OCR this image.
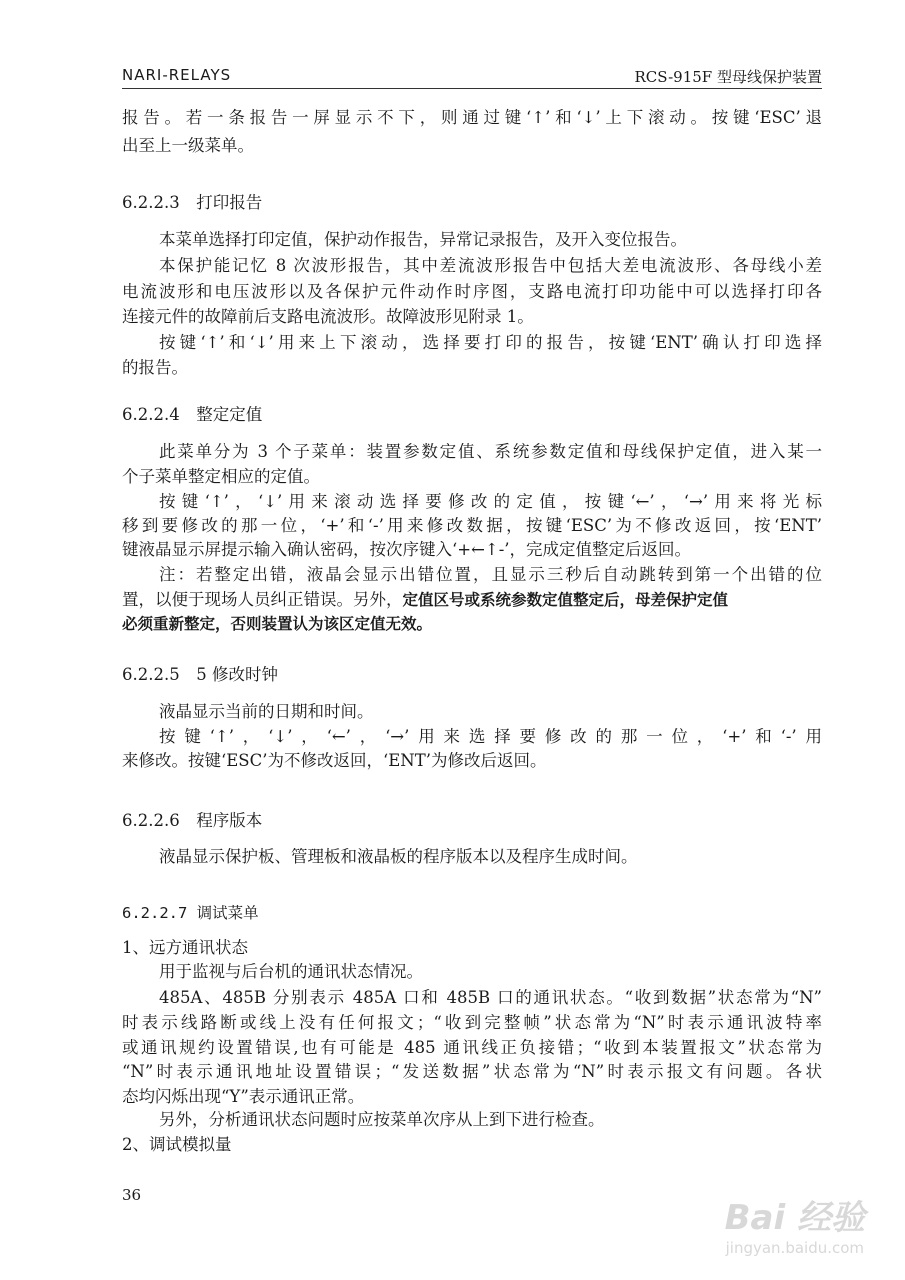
NARI-RELAYS	RCS-915F 型母线保护装置
报告。若一条报告一屏显示不下，则通过键‘↑’和‘↓’上下滚动。按键‘ESC’退
出至上一级菜单。
6.2.2.3　打印报告
本菜单选择打印定值，保护动作报告，异常记录报告，及开入变位报告。
本保护能记忆 8 次波形报告，其中差流波形报告中包括大差电流波形、各母线小差
电流波形和电压波形以及各保护元件动作时序图，支路电流打印功能中可以选择打印各
连接元件的故障前后支路电流波形。故障波形见附录 1。
按键‘↑’和‘↓’用来上下滚动，选择要打印的报告，按键‘ENT’确认打印选择
的报告。
6.2.2.4　整定定值
此菜单分为 3 个子菜单：装置参数定值、系统参数定值和母线保护定值，进入某一
个子菜单整定相应的定值。
按键‘↑’，‘↓’用来滚动选择要修改的定值，按键‘←’，‘→’用来将光标
移到要修改的那一位，‘+’和‘-’用来修改数据，按键‘ESC’为不修改返回，按‘ENT’
键液晶显示屏提示输入确认密码，按次序键入‘+←↑-’，完成定值整定后返回。
注：若整定出错，液晶会显示出错位置，且显示三秒后自动跳转到第一个出错的位
置，以便于现场人员纠正错误。另外，定值区号或系统参数定值整定后，母差保护定值
必须重新整定，否则装置认为该区定值无效。
6.2.2.5　5 修改时钟
液晶显示当前的日期和时间。
按键‘↑’，‘↓’，‘←’，‘→’用来选择要修改的那一位，‘+’和‘-’用
来修改。按键‘ESC’为不修改返回，‘ENT’为修改后返回。
6.2.2.6　程序版本
液晶显示保护板、管理板和液晶板的程序版本以及程序生成时间。
6.2.2.7 调试菜单
1、远方通讯状态
用于监视与后台机的通讯状态情况。
485A、485B 分别表示 485A 口和 485B 口的通讯状态。“收到数据”状态常为“N”
时表示线路断或线上没有任何报文；“收到完整帧”状态常为“N”时表示通讯波特率
或通讯规约设置错误,也有可能是 485 通讯线正负接错；“收到本装置报文”状态常为
“N”时表示通讯地址设置错误；“发送数据”状态常为“N”时表示报文有问题。各状
态均闪烁出现“Y”表示通讯正常。
另外，分析通讯状态问题时应按菜单次序从上到下进行检查。
2、调试模拟量
36
Bai 经验
jingyan.baidu.com
